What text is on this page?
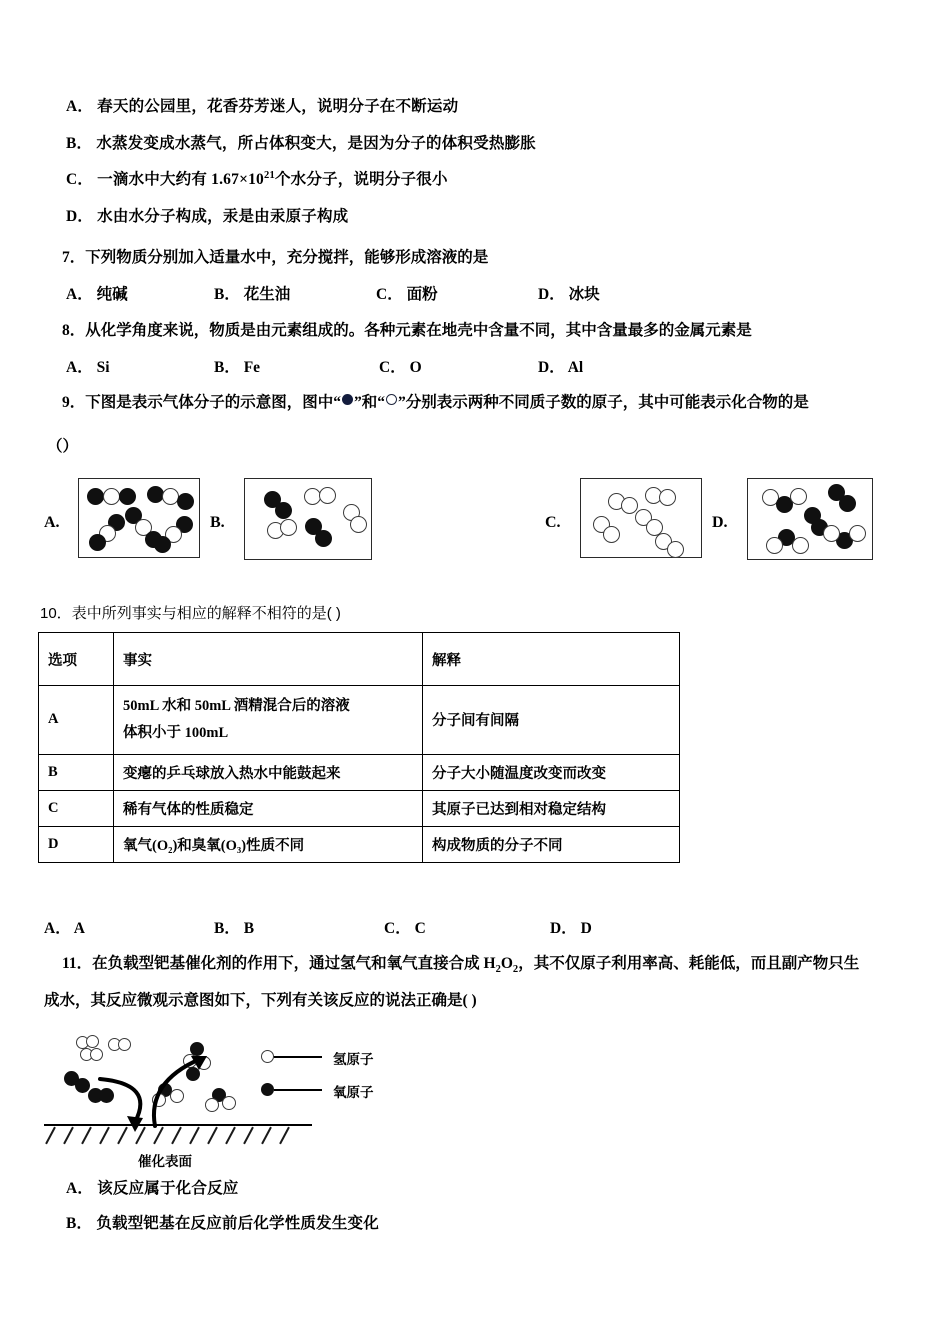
A． 春天的公园里，花香芬芳迷人，说明分子在不断运动
B． 水蒸发变成水蒸气，所占体积变大，是因为分子的体积受热膨胀
C． 一滴水中大约有 $1.67\times 10^{21}$个水分子，说明分子很小
D． 水由水分子构成，汞是由汞原子构成
7．下列物质分别加入适量水中，充分搅拌，能够形成溶液的是
A． 纯碱	B． 花生油	C． 面粉	D． 冰块
8．从化学角度来说，物质是由元素组成的。各种元素在地壳中含量不同，其中含量最多的金属元素是
A． Si	B． Fe	C． O	D． Al
9．下图是表示气体分子的示意图，图中“ ”和“ ”分别表示两种不同质子数的原子，其中可能表示化合物的是
（）
A.	B.	C.	D.
10．表中所列事实与相应的解释不相符的是( )
选项	事实	解释
A	50mL 水和 50mL 酒精混合后的溶液
体积小于 100mL	分子间有间隔
B	变瘪的乒乓球放入热水中能鼓起来	分子大小随温度改变而改变
C	稀有气体的性质稳定	其原子已达到相对稳定结构
D	氧气(O₂)和臭氧(O₃)性质不同	构成物质的分子不同
A． A	B． B	C． C	D． D
11．在负载型钯基催化剂的作用下，通过氢气和氧气直接合成 $H_2O_2$，其不仅原子利用率高、耗能低，而且副产物只生
成水，其反应微观示意图如下，下列有关该反应的说法正确是( )
催化表面
氢原子
氧原子
A． 该反应属于化合反应
B． 负载型钯基在反应前后化学性质发生变化
